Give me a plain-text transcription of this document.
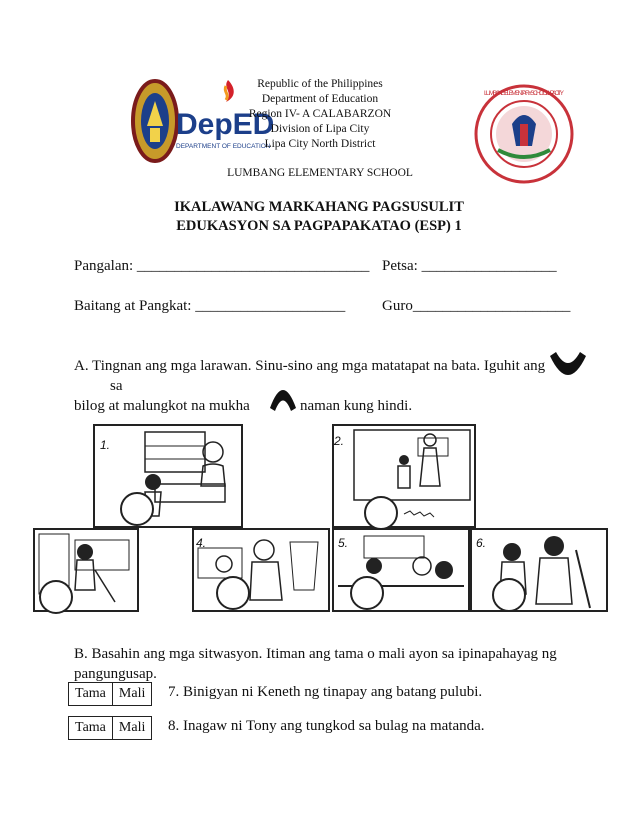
DepED
DEPARTMENT OF EDUCATION
Republic of the Philippines
Department of Education
Region IV- A CALABARZON
Division of Lipa City
Lipa City North District
LUMBANG ELEMENTARY SCHOOL
LUMBANG ELEMENTARY SCHOOL · LIPA CITY
IKALAWANG MARKAHANG PAGSUSULIT
EDUKASYON SA PAGPAPAKATAO (ESP) 1
Pangalan: _______________________________ Petsa: __________________
Baitang at Pangkat: ____________________ Guro_____________________
A. Tingnan ang mga larawan. Sinu-sino ang mga matatapat na bata. Iguhit ang
sa
bilog at malungkot na mukha	naman kung hindi.
1.	2.
4.	5.	6.
B. Basahin ang mga sitwasyon. Itiman ang tama o mali ayon sa ipinapahayag ng
pangungusap.
Tama	Mali 7. Binigyan ni Keneth ng tinapay ang batang pulubi.
Tama	Mali 8. Inagaw ni Tony ang tungkod sa bulag na matanda.
